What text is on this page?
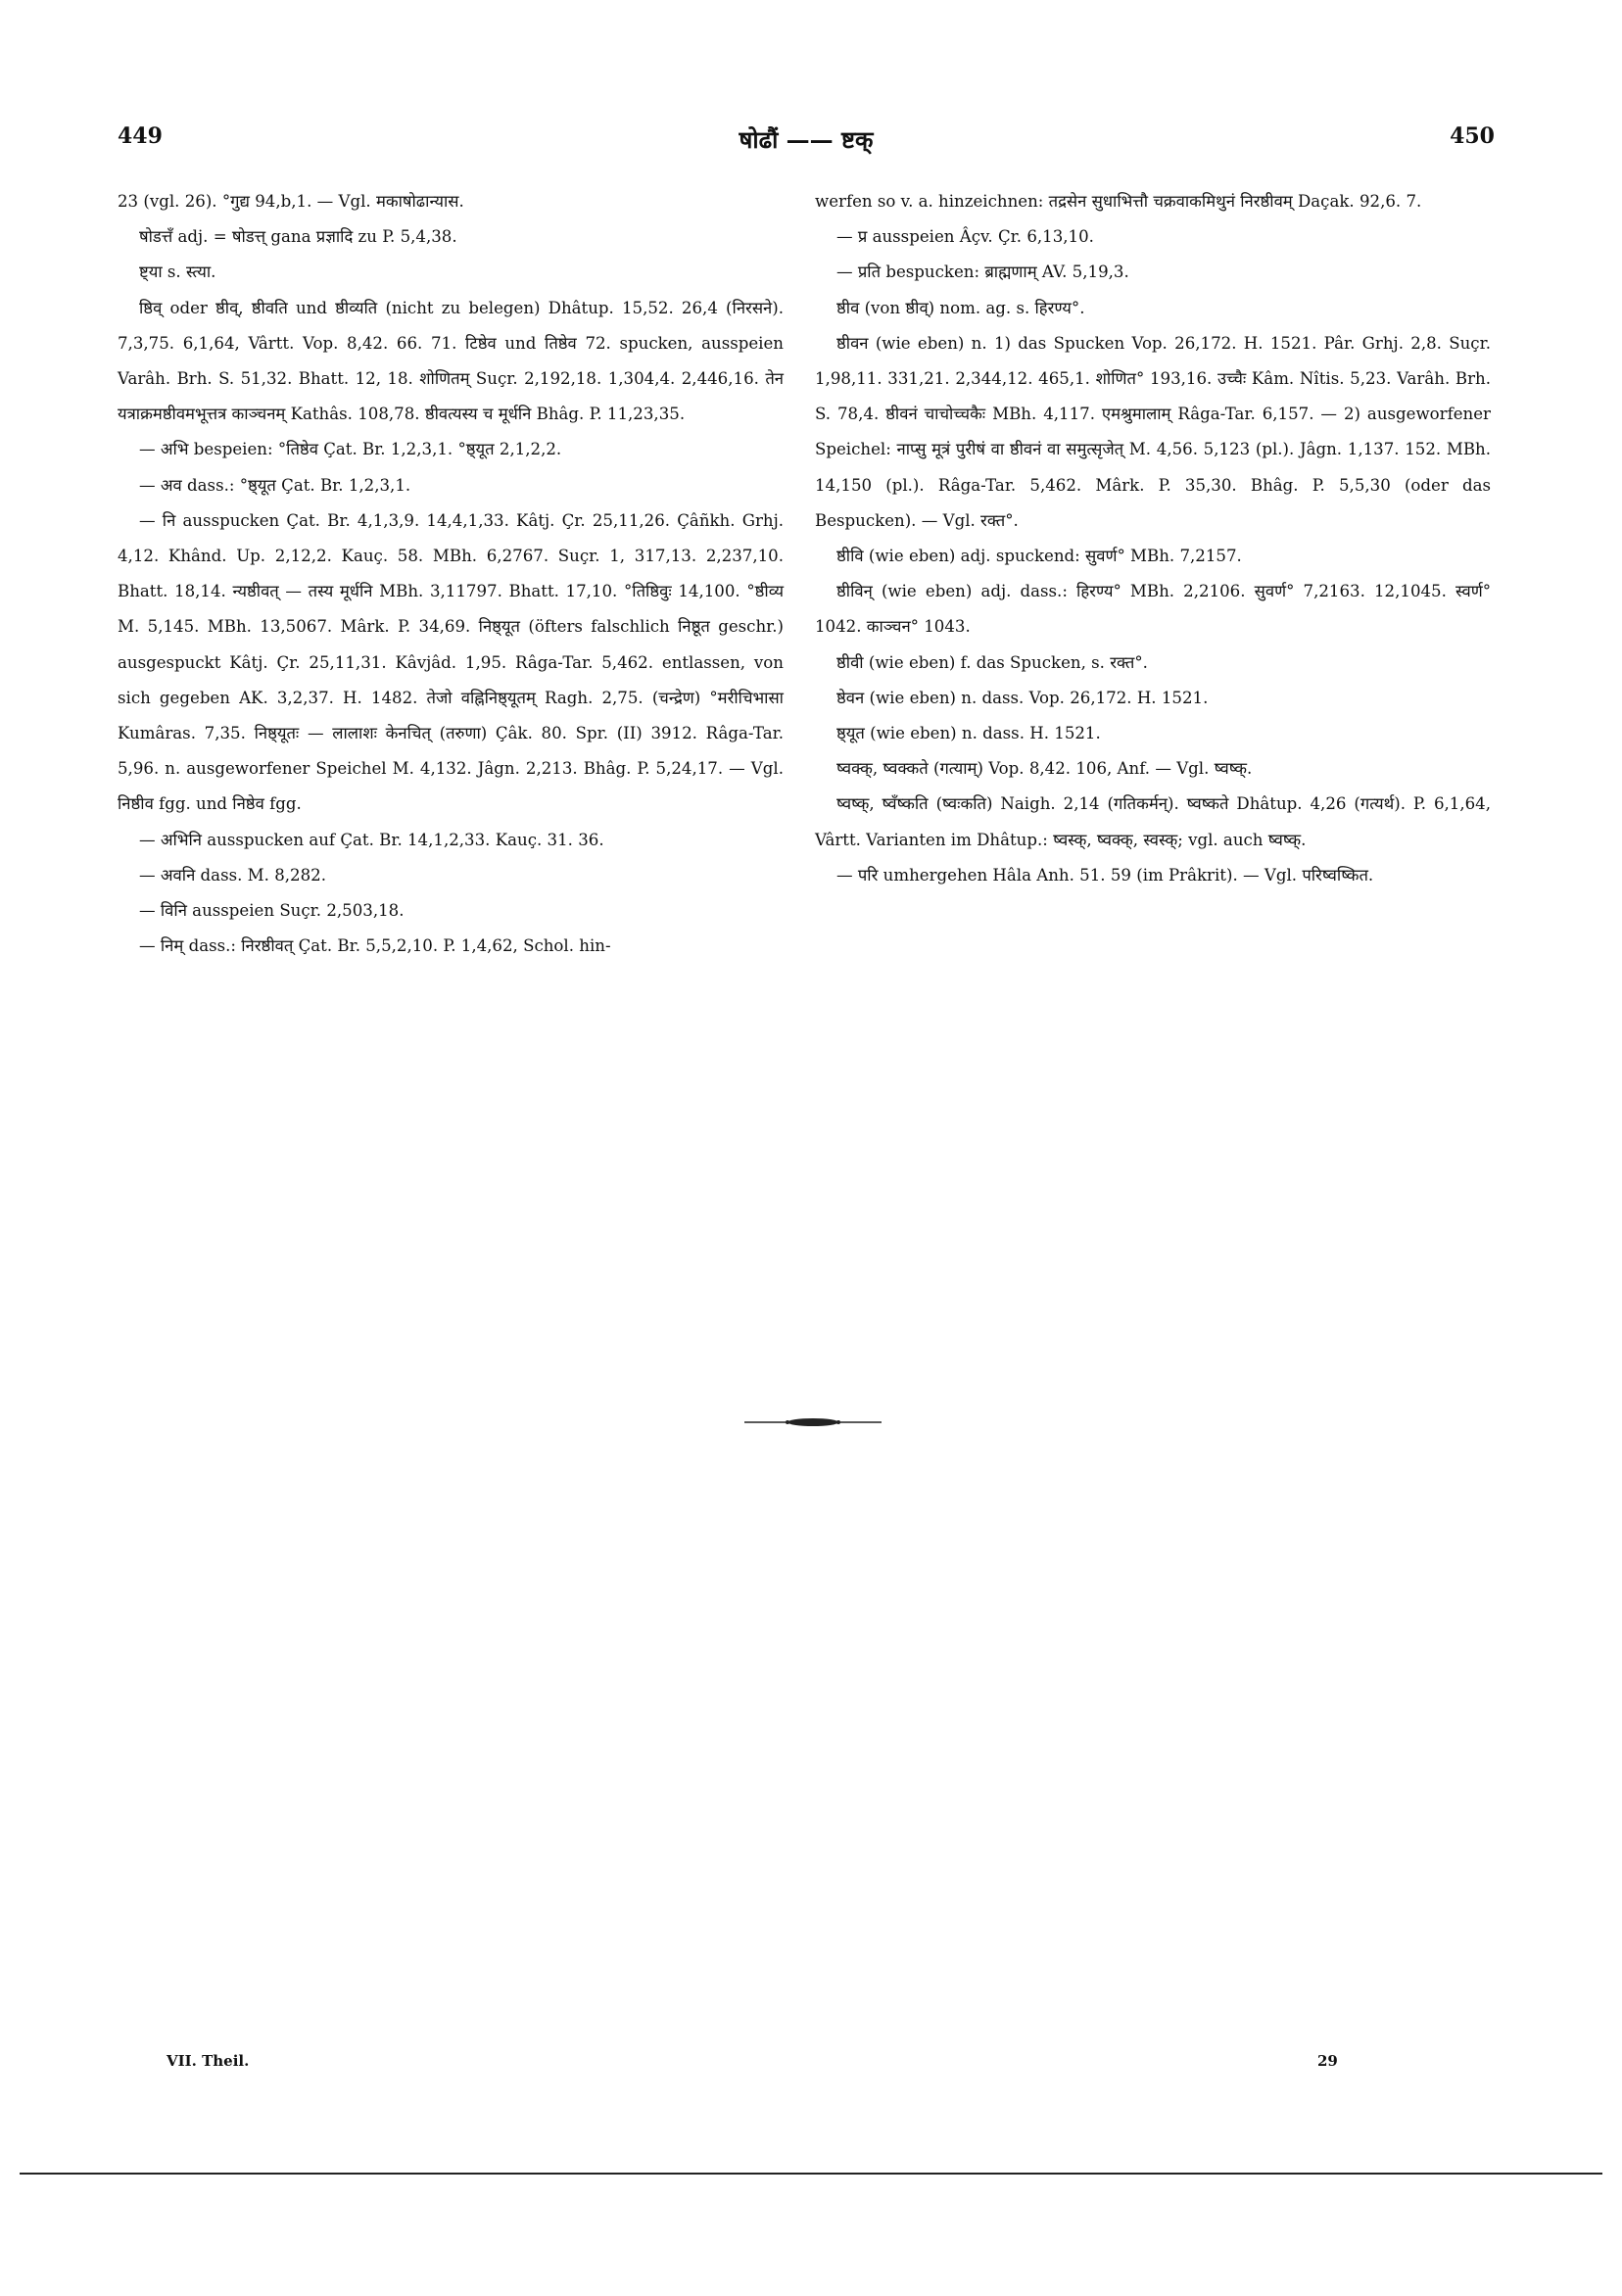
449	षोढौं —— ष्टक्	450

23 (vgl. 26). °गुद्य 94,b,1. — Vgl. मकाषोढान्यास.

षोडत्तँ adj. = षोडत्त् gana प्रज्ञादि zu P. 5,4,38.

ष्ट्या s. स्त्या.

ष्ठिव् oder ष्ठीव्, ष्ठीवति und ष्ठीव्यति (nicht zu belegen) Dhâtup. 15,52. 26,4 (निरसने). 7,3,75. 6,1,64, Vârtt. Vop. 8,42. 66. 71. टिष्ठेव und तिष्ठेव 72. spucken, ausspeien Varâh. Brh. S. 51,32. Bhatt. 12, 18. शोणितम् Suçr. 2,192,18. 1,304,4. 2,446,16. तेन यत्राक्रमष्ठीवमभूत्तत्र काञ्चनम् Kathâs. 108,78. ष्ठीवत्यस्य च मूर्धनि Bhâg. P. 11,23,35.

— अभि bespeien: °तिष्ठेव Çat. Br. 1,2,3,1. °ष्ठ्यूत 2,1,2,2.

— अव dass.: °ष्ठ्यूत Çat. Br. 1,2,3,1.

— नि ausspucken Çat. Br. 4,1,3,9. 14,4,1,33. Kâtj. Çr. 25,11,26. Çâñkh. Grhj. 4,12. Khând. Up. 2,12,2. Kauç. 58. MBh. 6,2767. Suçr. 1, 317,13. 2,237,10. Bhatt. 18,14. न्यष्ठीवत् — तस्य मूर्धनि MBh. 3,11797. Bhatt. 17,10. °तिष्ठिवुः 14,100. °ष्ठीव्य M. 5,145. MBh. 13,5067. Mârk. P. 34,69. निष्ठ्यूत (öfters falschlich निष्ठूत geschr.) ausgespuckt Kâtj. Çr. 25,11,31. Kâvjâd. 1,95. Râga-Tar. 5,462. entlassen, von sich gegeben AK. 3,2,37. H. 1482. तेजो वह्निनिष्ठ्यूतम् Ragh. 2,75. (चन्द्रेण) °मरीचिभासा Kumâras. 7,35. निष्ठ्यूतः — लालाशः केनचित् (तरुणा) Çâk. 80. Spr. (II) 3912. Râga-Tar. 5,96. n. ausgeworfener Speichel M. 4,132. Jâgn. 2,213. Bhâg. P. 5,24,17. — Vgl. निष्ठीव fgg. und निष्ठेव fgg.

— अभिनि ausspucken auf Çat. Br. 14,1,2,33. Kauç. 31. 36.

— अवनि dass. M. 8,282.

— विनि ausspeien Suçr. 2,503,18.

— निम् dass.: निरष्ठीवत् Çat. Br. 5,5,2,10. P. 1,4,62, Schol. hin-

werfen so v. a. hinzeichnen: तद्रसेन सुधाभित्तौ चक्रवाकमिथुनं निरष्ठीवम् Daçak. 92,6. 7.

— प्र ausspeien Âçv. Çr. 6,13,10.

— प्रति bespucken: ब्राह्मणाम् AV. 5,19,3.

ष्ठीव (von ष्ठीव्) nom. ag. s. हिरण्य°.

ष्ठीवन (wie eben) n. 1) das Spucken Vop. 26,172. H. 1521. Pâr. Grhj. 2,8. Suçr. 1,98,11. 331,21. 2,344,12. 465,1. शोणित° 193,16. उच्चैः Kâm. Nîtis. 5,23. Varâh. Brh. S. 78,4. ष्ठीवनं चाचोच्चकैः MBh. 4,117. एमश्रुमालाम् Râga-Tar. 6,157. — 2) ausgeworfener Speichel: नाप्सु मूत्रं पुरीषं वा ष्ठीवनं वा समुत्सृजेत् M. 4,56. 5,123 (pl.). Jâgn. 1,137. 152. MBh. 14,150 (pl.). Râga-Tar. 5,462. Mârk. P. 35,30. Bhâg. P. 5,5,30 (oder das Bespucken). — Vgl. रक्त°.

ष्ठीवि (wie eben) adj. spuckend: सुवर्ण° MBh. 7,2157.

ष्ठीविन् (wie eben) adj. dass.: हिरण्य° MBh. 2,2106. सुवर्ण° 7,2163. 12,1045. स्वर्ण° 1042. काञ्चन° 1043.

ष्ठीवी (wie eben) f. das Spucken, s. रक्त°.

ष्ठेवन (wie eben) n. dass. Vop. 26,172. H. 1521.

ष्ठ्यूत (wie eben) n. dass. H. 1521.

ष्वक्क्, ष्वक्कते (गत्याम्) Vop. 8,42. 106, Anf. — Vgl. ष्वष्क्.

ष्वष्क्, ष्वँष्कति (ष्वःकति) Naigh. 2,14 (गतिकर्मन्). ष्वष्कते Dhâtup. 4,26 (गत्यर्थ). P. 6,1,64, Vârtt. Varianten im Dhâtup.: ष्वस्क्, ष्वक्क्, स्वस्क्; vgl. auch ष्वष्क्.

— परि umhergehen Hâla Anh. 51. 59 (im Prâkrit). — Vgl. परिष्वष्कित.

VII. Theil.	29
